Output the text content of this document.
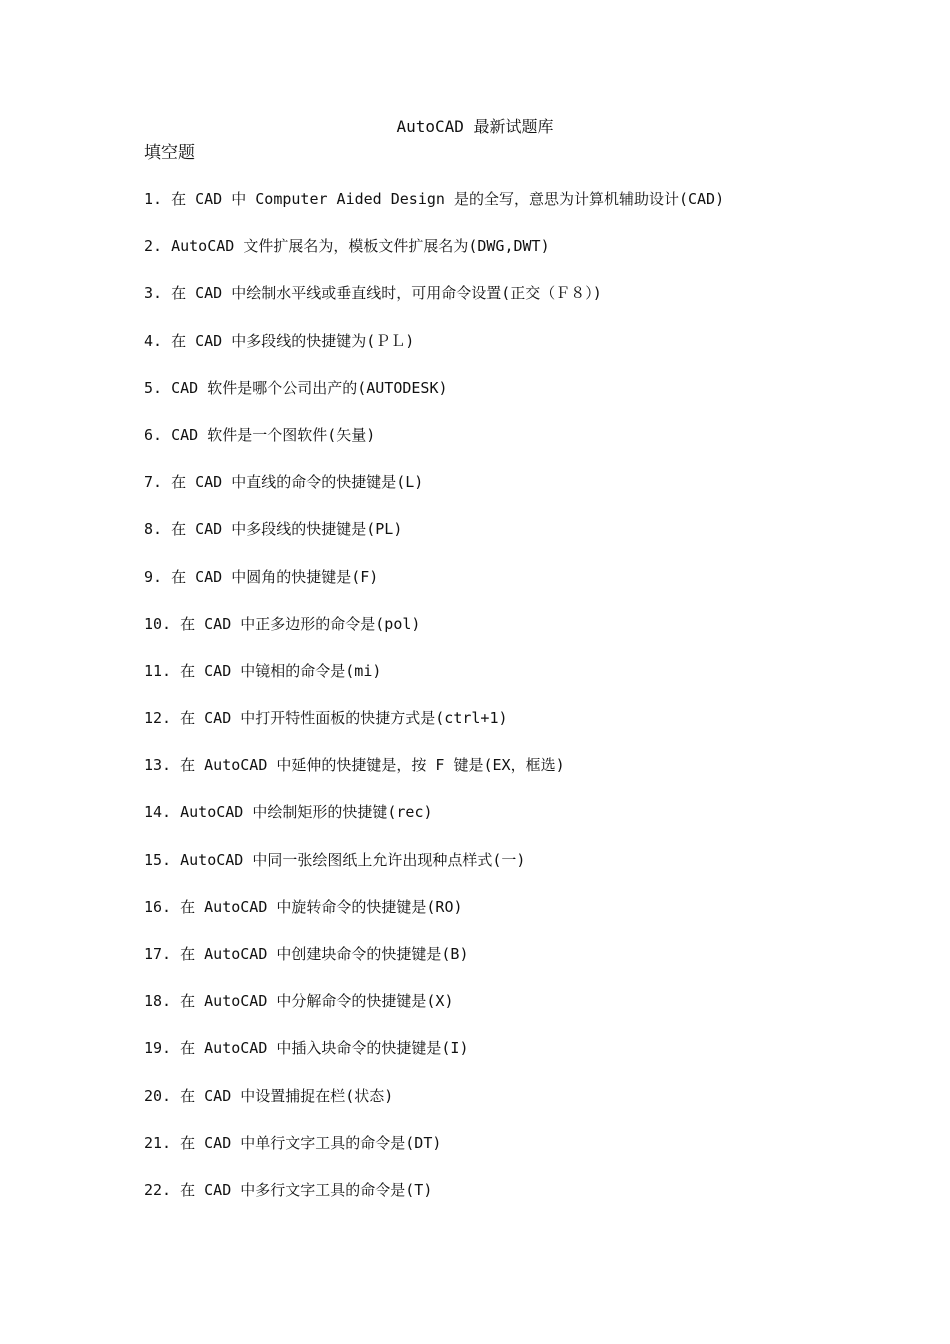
AutoCAD 最新试题库
填空题
1. 在 CAD 中 Computer Aided Design 是的全写，意思为计算机辅助设计(CAD)
2. AutoCAD 文件扩展名为，模板文件扩展名为(DWG,DWT)
3. 在 CAD 中绘制水平线或垂直线时，可用命令设置(正交（Ｆ８）)
4. 在 CAD 中多段线的快捷键为(ＰＬ)
5. CAD 软件是哪个公司出产的(AUTODESK)
6. CAD 软件是一个图软件(矢量)
7. 在 CAD 中直线的命令的快捷键是(L)
8. 在 CAD 中多段线的快捷键是(PL)
9. 在 CAD 中圆角的快捷键是(F)
10. 在 CAD 中正多边形的命令是(pol)
11. 在 CAD 中镜相的命令是(mi)
12. 在 CAD 中打开特性面板的快捷方式是(ctrl+1)
13. 在 AutoCAD 中延伸的快捷键是，按 F 键是(EX，框选)
14. AutoCAD 中绘制矩形的快捷键(rec)
15. AutoCAD 中同一张绘图纸上允许出现种点样式(一)
16. 在 AutoCAD 中旋转命令的快捷键是(RO)
17. 在 AutoCAD 中创建块命令的快捷键是(B)
18. 在 AutoCAD 中分解命令的快捷键是(X)
19. 在 AutoCAD 中插入块命令的快捷键是(I)
20. 在 CAD 中设置捕捉在栏(状态)
21. 在 CAD 中单行文字工具的命令是(DT)
22. 在 CAD 中多行文字工具的命令是(T)
